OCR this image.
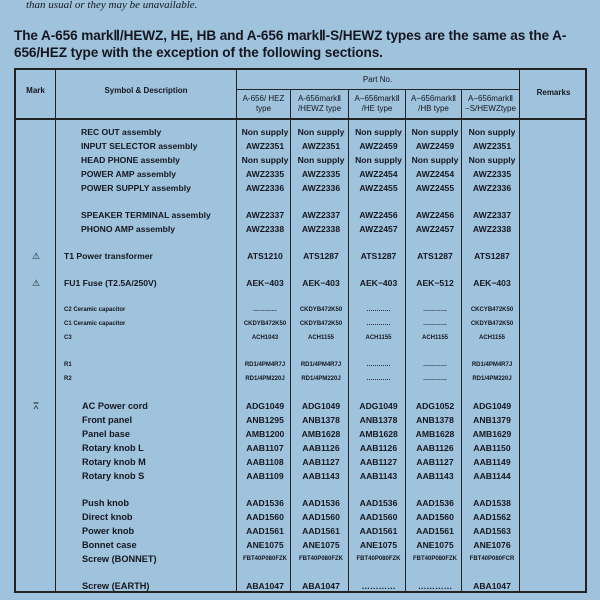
than usual or they may be unavailable.
The A-656 markⅡ/HEWZ, HE, HB and A-656 markⅡ-S/HEWZ types are the same as the A-656/HEZ type with the exception of the following sections.
Mark	Symbol & Description
Part No.
Remarks
A-656/ HEZ type
A-656markⅡ /HEWZ type
A−656markⅡ /HE type
A−656markⅡ /HB type
A−656markⅡ −S/HEWZtype
REC OUT assembly	Non supply	Non supply	Non supply	Non supply	Non supply
INPUT SELECTOR assembly	AWZ2351	AWZ2351	AWZ2459	AWZ2459	AWZ2351
HEAD PHONE assembly	Non supply	Non supply	Non supply	Non supply	Non supply
POWER AMP assembly	AWZ2335	AWZ2335	AWZ2454	AWZ2454	AWZ2335
POWER SUPPLY assembly	AWZ2336	AWZ2336	AWZ2455	AWZ2455	AWZ2336
SPEAKER TERMINAL assembly	AWZ2337	AWZ2337	AWZ2456	AWZ2456	AWZ2337
PHONO AMP assembly	AWZ2338	AWZ2338	AWZ2457	AWZ2457	AWZ2338
⚠	T1 Power transformer	ATS1210	ATS1287	ATS1287	ATS1287	ATS1287
⚠	FU1 Fuse (T2.5A/250V)	AEK−403	AEK−403	AEK−403	AEK−512	AEK−403
C2 Ceramic capacitor	…………	CKDYB472K50	…………	…………	CKCYB472K50
C1 Ceramic capacitor	CKDYB472K50	CKDYB472K50	…………	…………	CKDYB472K50
C3	ACH1043	ACH1155	ACH1155	ACH1155	ACH1155
R1	RD1/4PM4R7J	RD1/4PM4R7J	…………	…………	RD1/4PM4R7J
R2	RD1/4PM220J	RD1/4PM220J	…………	…………	RD1/4PM220J
⩞	AC Power cord	ADG1049	ADG1049	ADG1049	ADG1052	ADG1049
Front panel	ANB1295	ANB1378	ANB1378	ANB1378	ANB1379
Panel base	AMB1200	AMB1628	AMB1628	AMB1628	AMB1629
Rotary knob L	AAB1107	AAB1126	AAB1126	AAB1126	AAB1150
Rotary knob M	AAB1108	AAB1127	AAB1127	AAB1127	AAB1149
Rotary knob S	AAB1109	AAB1143	AAB1143	AAB1143	AAB1144
Push knob	AAD1536	AAD1536	AAD1536	AAD1536	AAD1538
Direct knob	AAD1560	AAD1560	AAD1560	AAD1560	AAD1562
Power knob	AAD1561	AAD1561	AAD1561	AAD1561	AAD1563
Bonnet case	ANE1075	ANE1075	ANE1075	ANE1075	ANE1076
Screw (BONNET)	FBT40P080FZK	FBT40P080FZK	FBT40P080FZK	FBT40P080FZK	FBT40P080FCR
Screw (EARTH)	ABA1047	ABA1047	…………	…………	ABA1047
